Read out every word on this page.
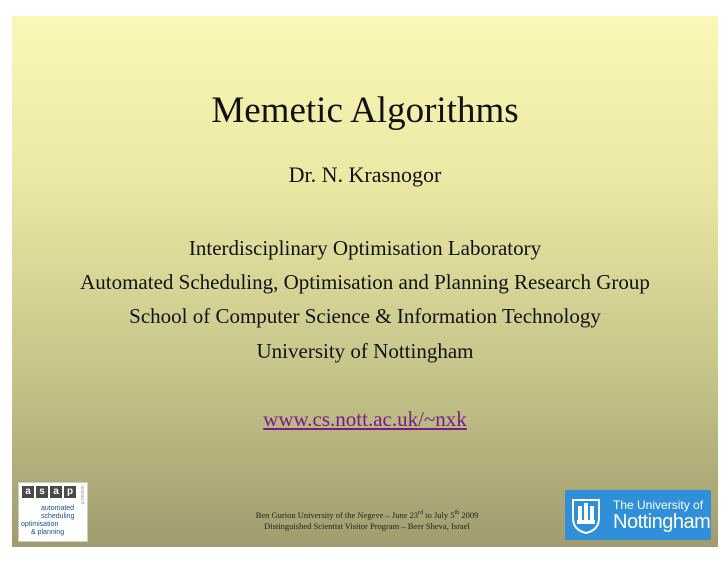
Memetic Algorithms
Dr. N. Krasnogor
Interdisciplinary Optimisation Laboratory
Automated Scheduling, Optimisation and Planning Research Group
School of Computer Science & Information Technology
University of Nottingham
www.cs.nott.ac.uk/~nxk
Ben Gurion University of the Negeve – June 23rd to July 5th 2009
Distinguished Scientist Visitor Program – Beer Sheva, Israel
a s a p
automated
scheduling
optimisation
& planning
research
The University of
Nottingham
